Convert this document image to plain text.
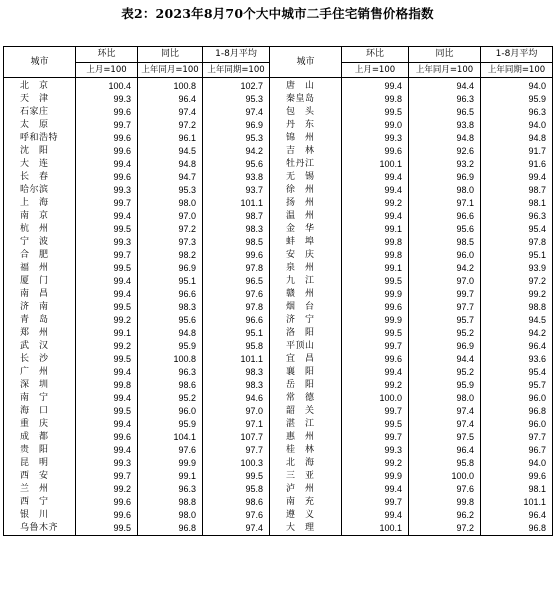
表2：2023年8月70个大中城市二手住宅销售价格指数
城市	环比	同比	1-8月平均	城市	环比	同比	1-8月平均
	上月=100	上年同月=100	上年同期=100		上月=100	上年同月=100	上年同期=100

北　京	100.4	100.8	102.7	唐　山	99.4	94.4	94.0
天　津	99.3	96.4	95.3	秦皇岛	99.8	96.3	95.9
石家庄	99.6	97.4	97.4	包　头	99.5	96.5	96.3
太　原	99.7	97.2	96.9	丹　东	99.0	93.8	94.0
呼和浩特	99.6	96.1	95.3	锦　州	99.3	94.8	94.8
沈　阳	99.6	94.5	94.2	吉　林	99.6	92.6	91.7
大　连	99.4	94.8	95.6	牡丹江	100.1	93.2	91.6
长　春	99.6	94.7	93.8	无　锡	99.4	96.9	99.4
哈尔滨	99.3	95.3	93.7	徐　州	99.4	98.0	98.7
上　海	99.7	98.0	101.1	扬　州	99.2	97.1	98.1
南　京	99.4	97.0	98.7	温　州	99.4	96.6	96.3
杭　州	99.5	97.2	98.3	金　华	99.1	95.6	95.4
宁　波	99.3	97.3	98.5	蚌　埠	99.8	98.5	97.8
合　肥	99.7	98.2	99.6	安　庆	99.8	96.0	95.1
福　州	99.5	96.9	97.8	泉　州	99.1	94.2	93.9
厦　门	99.4	95.1	96.5	九　江	99.5	97.0	97.2
南　昌	99.4	96.6	97.6	赣　州	99.9	99.7	99.2
济　南	99.5	98.3	97.8	烟　台	99.6	97.7	98.8
青　岛	99.2	95.6	96.6	济　宁	99.9	95.7	94.5
郑　州	99.1	94.8	95.1	洛　阳	99.5	95.2	94.2
武　汉	99.2	95.9	95.8	平顶山	99.7	96.9	96.4
长　沙	99.5	100.8	101.1	宜　昌	99.6	94.4	93.6
广　州	99.4	96.3	98.3	襄　阳	99.4	95.2	95.4
深　圳	99.8	98.6	98.3	岳　阳	99.2	95.9	95.7
南　宁	99.4	95.2	94.6	常　德	100.0	98.0	96.0
海　口	99.5	96.0	97.0	韶　关	99.7	97.4	96.8
重　庆	99.4	95.9	97.1	湛　江	99.5	97.4	96.0
成　都	99.6	104.1	107.7	惠　州	99.7	97.5	97.7
贵　阳	99.4	97.6	97.7	桂　林	99.3	96.4	96.7
昆　明	99.3	99.9	100.3	北　海	99.2	95.8	94.0
西　安	99.7	99.1	99.5	三　亚	99.9	100.0	99.6
兰　州	99.2	96.3	95.8	泸　州	99.4	97.6	98.1
西　宁	99.6	98.8	98.6	南　充	99.7	99.8	101.1
银　川	99.6	98.0	97.6	遵　义	99.4	96.2	96.4
乌鲁木齐	99.5	96.8	97.4	大　理	100.1	97.2	96.8
